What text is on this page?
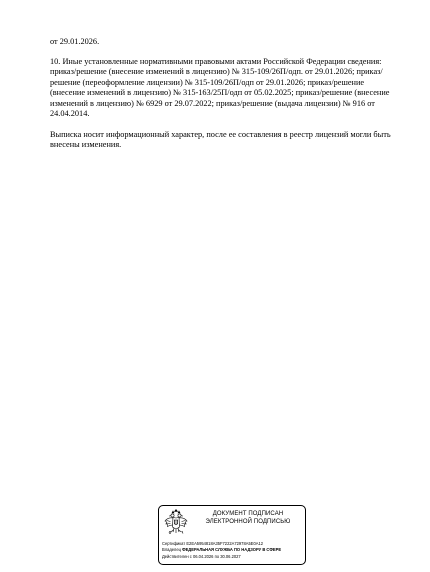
от 29.01.2026.

10. Иные установленные нормативными правовыми актами Российской Федерации сведения: приказ/решение (внесение изменений в лицензию) № 315-109/26П/одп. от 29.01.2026; приказ/решение (переоформление лицензии) № 315-109/26П/одп от 29.01.2026; приказ/решение (внесение изменений в лицензию) № 315-163/25П/одп от 05.02.2025; приказ/решение (внесение изменений в лицензию) № 6929 от 29.07.2022; приказ/решение (выдача лицензии) № 916 от 24.04.2014.

Выписка носит информационный характер, после ее составления в реестр лицензий могли быть внесены изменения.

ДОКУМЕНТ ПОДПИСАН
ЭЛЕКТРОННОЙ ПОДПИСЬЮ
Сертификат E2EA5954818A35F7222A72978A5E0A12
Владелец ФЕДЕРАЛЬНАЯ СЛУЖБА ПО НАДЗОРУ В СФЕРЕ
Действителен с 06.04.2026 по 30.06.2027
